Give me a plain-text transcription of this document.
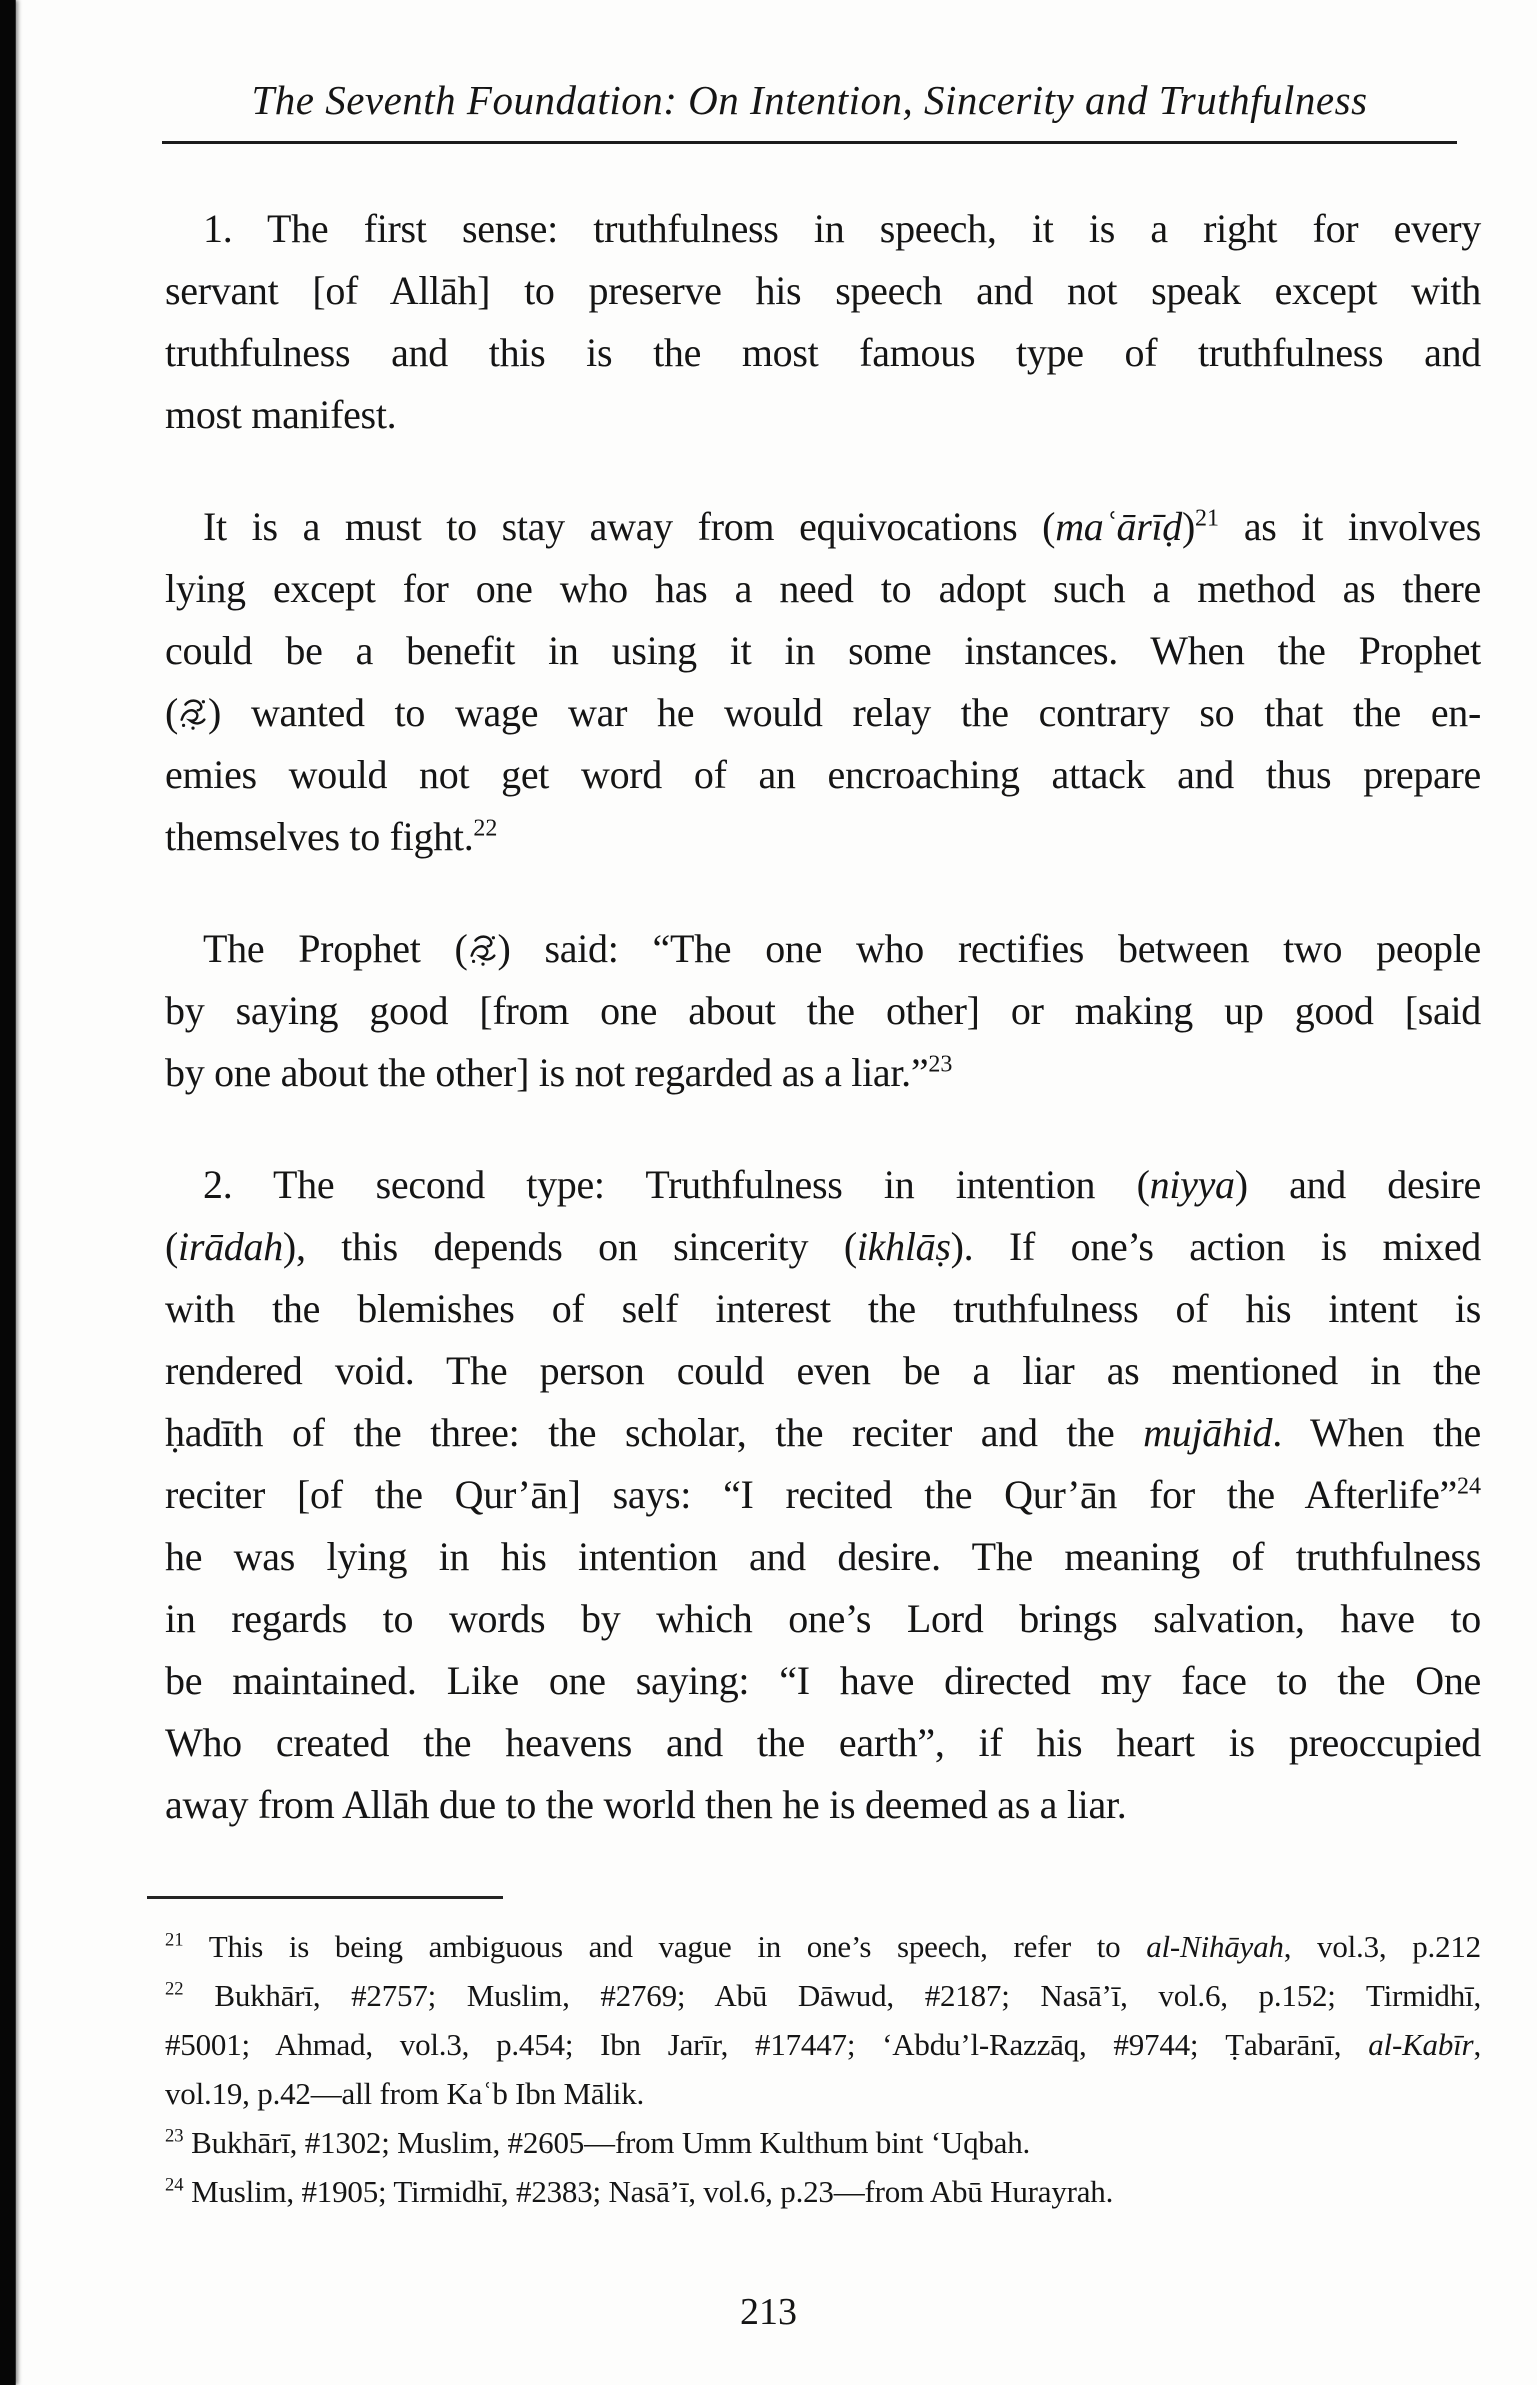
The Seventh Foundation: On Intention, Sincerity and Truthfulness
1. The first sense: truthfulness in speech, it is a right for every
servant [of Allāh] to preserve his speech and not speak except with
truthfulness and this is the most famous type of truthfulness and
most manifest.
It is a must to stay away from equivocations (maʿārīḍ)$^{21}$ as it involves
lying except for one who has a need to adopt such a method as there
could be a benefit in using it in some instances. When the Prophet
( ) wanted to wage war he would relay the contrary so that the en-
emies would not get word of an encroaching attack and thus prepare
themselves to fight.$^{22}$
The Prophet ( ) said: “The one who rectifies between two people
by saying good [from one about the other] or making up good [said
by one about the other] is not regarded as a liar.”$^{23}$
2. The second type: Truthfulness in intention (niyya) and desire
(irādah), this depends on sincerity (ikhlāṣ). If one’s action is mixed
with the blemishes of self interest the truthfulness of his intent is
rendered void. The person could even be a liar as mentioned in the
ḥadīth of the three: the scholar, the reciter and the mujāhid. When the
reciter [of the Qur’ān] says: “I recited the Qur’ān for the Afterlife”$^{24}$
he was lying in his intention and desire. The meaning of truthfulness
in regards to words by which one’s Lord brings salvation, have to
be maintained. Like one saying: “I have directed my face to the One
Who created the heavens and the earth”, if his heart is preoccupied
away from Allāh due to the world then he is deemed as a liar.
$^{21}$ This is being ambiguous and vague in one’s speech, refer to al-Nihāyah, vol.3, p.212
$^{22}$ Bukhārī, #2757; Muslim, #2769; Abū Dāwud, #2187; Nasā’ī, vol.6, p.152; Tirmidhī,
#5001; Ahmad, vol.3, p.454; Ibn Jarīr, #17447; ‘Abdu’l-Razzāq, #9744; Ṭabarānī, al-Kabīr,
vol.19, p.42—all from Kaʿb Ibn Mālik.
$^{23}$ Bukhārī, #1302; Muslim, #2605—from Umm Kulthum bint ‘Uqbah.
$^{24}$ Muslim, #1905; Tirmidhī, #2383; Nasā’ī, vol.6, p.23—from Abū Hurayrah.
213
